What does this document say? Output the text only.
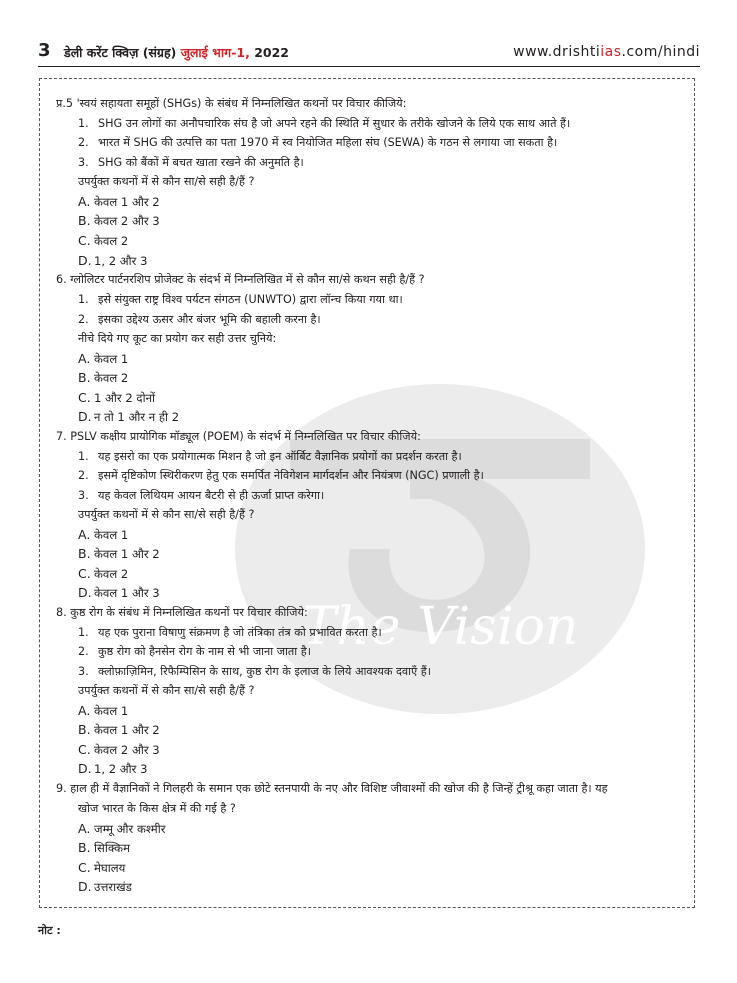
3 डेली करेंट क्विज़ (संग्रह) जुलाई भाग-1, 2022	www.drishtiias.com/hindi
The Vision
प्र.5 'स्वयं सहायता समूहों (SHGs) के संबंध में निम्नलिखित कथनों पर विचार कीजिये:
1. SHG उन लोगों का अनौपचारिक संघ है जो अपने रहने की स्थिति में सुधार के तरीके खोजने के लिये एक साथ आते हैं।
2. भारत में SHG की उत्पत्ति का पता 1970 में स्व नियोजित महिला संघ (SEWA) के गठन से लगाया जा सकता है।
3. SHG को बैंकों में बचत खाता रखने की अनुमति है।
उपर्युक्त कथनों में से कौन सा/से सही है/हैं ?
A. केवल 1 और 2
B. केवल 2 और 3
C. केवल 2
D. 1, 2 और 3
6. ग्लोलिटर पार्टनरशिप प्रोजेक्ट के संदर्भ में निम्नलिखित में से कौन सा/से कथन सही है/हैं ?
1. इसे संयुक्त राष्ट्र विश्व पर्यटन संगठन (UNWTO) द्वारा लॉन्च किया गया था।
2. इसका उद्देश्य ऊसर और बंजर भूमि की बहाली करना है।
नीचे दिये गए कूट का प्रयोग कर सही उत्तर चुनिये:
A. केवल 1
B. केवल 2
C. 1 और 2 दोनों
D. न तो 1 और न ही 2
7. PSLV कक्षीय प्रायोगिक मॉड्यूल (POEM) के संदर्भ में निम्नलिखित पर विचार कीजिये:
1. यह इसरो का एक प्रयोगात्मक मिशन है जो इन ऑर्बिट वैज्ञानिक प्रयोगों का प्रदर्शन करता है।
2. इसमें दृष्टिकोण स्थिरीकरण हेतु एक समर्पित नेविगेशन मार्गदर्शन और नियंत्रण (NGC) प्रणाली है।
3. यह केवल लिथियम आयन बैटरी से ही ऊर्जा प्राप्त करेगा।
उपर्युक्त कथनों में से कौन सा/से सही है/हैं ?
A. केवल 1
B. केवल 1 और 2
C. केवल 2
D. केवल 1 और 3
8. कुष्ठ रोग के संबंध में निम्नलिखित कथनों पर विचार कीजिये:
1. यह एक पुराना विषाणु संक्रमण है जो तंत्रिका तंत्र को प्रभावित करता है।
2. कुष्ठ रोग को हैनसेन रोग के नाम से भी जाना जाता है।
3. क्लोफ़ाज़िमिन, रिफैम्पिसिन के साथ, कुष्ठ रोग के इलाज के लिये आवश्यक दवाएँ हैं।
उपर्युक्त कथनों में से कौन सा/से सही है/हैं ?
A. केवल 1
B. केवल 1 और 2
C. केवल 2 और 3
D. 1, 2 और 3
9. हाल ही में वैज्ञानिकों ने गिलहरी के समान एक छोटे स्तनपायी के नए और विशिष्ट जीवाश्मों की खोज की है जिन्हें ट्रीश्रू कहा जाता है। यह
खोज भारत के किस क्षेत्र में की गई है ?
A. जम्मू और कश्मीर
B. सिक्किम
C. मेघालय
D. उत्तराखंड
नोट :
